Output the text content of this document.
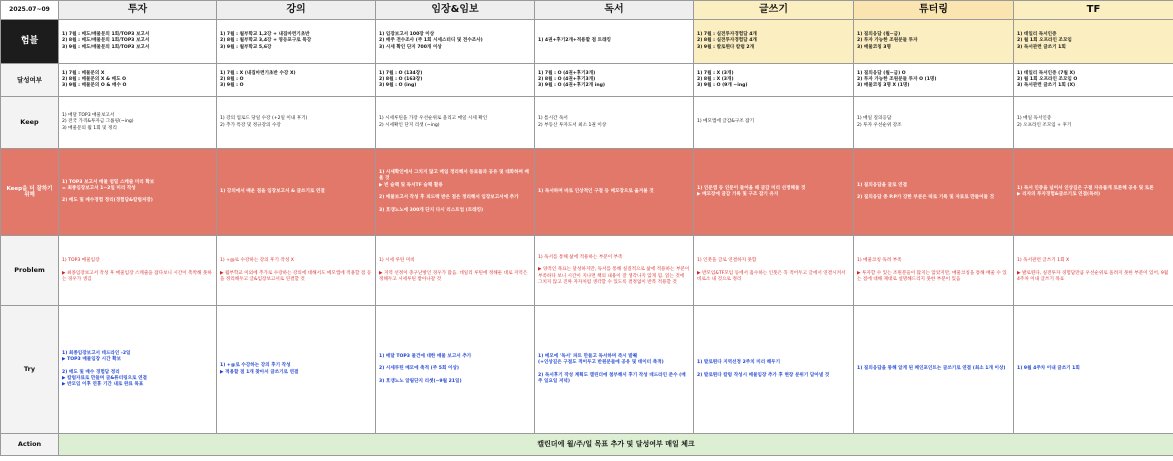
2025.07~09	투자	강의	임장&임보	독서	글쓰기	튜터링	TF
험블	1) 7월 : 매도/매물문의 1회/TOP3 보고서
2) 8월 : 매도/매물문의 1회/TOP3 보고서
3) 9월 : 매도/매물문의 1회/TOP3 보고서	1) 7월 : 월부학교 1,2강 + 내집마련기초반
2) 8월 : 월부학교 3,4강 + 영등포구로 특강
3) 9월 : 월부학교 5,6강	1) 임장보고서 100장 이상
2) 매주 전수조사 (주 1회 시세스터디 및 전수조사)
3) 시세 확인 단지 700개 이상	1) 4권+후기2개+적용할 점 트래킹	1) 7월 : 실전투자경험담 4개
2) 8월 : 실전투자경험담 4개
3) 9월 : 발로뛴다 칼럼 2개	1) 질의응답 (월~금)
2) 투자 가능한 조원분들 투자
3) 매물코칭 3명	1) 데일리 독서인증
2) 월 1회 오프라인 조모임
3) 독서관련 글쓰기 1회

달성여부	1) 7월 : 매물문의 X
2) 8월 : 매물문의 X & 매도 O
3) 9월 : 매물문의 O & 매수 O	1) 7월 : X (내집마련기초반 수강 X)
2) 8월 : O
3) 9월 : O	1) 7월 : O (134장)
2) 8월 : O (163장)
3) 9월 : O (ing)	1) 7월 : O (4권+후기3개)
2) 8월 : O (4권+후기3개)
3) 9월 : O (4권+후기2개 ing)	1) 7월 : X (3개)
2) 8월 : X (3개)
3) 9월 : O (9개 ~ing)	1) 질의응답 (월~금) O
2) 투자 가능한 조원분들 투자 O (1명)
3) 매물코칭 3명 X (1명)	1) 데일리 독서인증 (7월 X)
2) 월 1회 오프라인 조모임 O
3) 독서관련 글쓰기 1회 (X)

Keep	1) 매달 TOP3 매물보고서
2) 전국 가격&투자금 그룹핑(~ing)
3) 매물문의 월 1회 및 정리	1) 강의 업로드 당일 수강 (+2일 이내 후기)
2) 추가 특강 및 정규강의 수강	1) 시세루틴을 가장 우선순위로 올리고 매일 시세 확인
2) 시세확인 단지 리셋 (~ing)	1) 틈시간 독서
2) 부동산 투자도서 최소 1권 이상	1) 메모앱에 글감&구조 잡기	1) 매일 질의응답
2) 투자 우선순위 강조	1) 매일 독서인증
2) 오프라인 조모임 + 후기

Keep을 더 잘하기 위해	1) TOP3 보고서 매물 엄밀 스케줄 미리 확보
= 최종임장보고서 1~2일 미리 작성

2) 매도 및 매수경험 정리(경험담&칼럼저장)	1) 강의에서 배운 점을 임장보고서 & 글쓰기로 연결	1) 시세확인에서 그치지 않고 매일 정리해서 동료들과 공유 및 대화하며 배울 것
▶ 빈 슬랙 및 독서TF 슬랙 활용

2) 매물보고서 작성 후 피드백 받은 점은 정리해서 임장보고서에 추가

3) 호갱노노에 300개 단지 다시 리스트업 (트래킹)	1) 독서하며 바로 인상적인 구절 등 메모장으로 옮겨볼 것	1) 인문앱 등 인문이 들어올 때 글감 미리 선정해둘 것
▶ 메모장에 글감 기록 및 구조 잡기 유지	1) 질의응답을 글로 연결

2) 질의응답 중 P.P가 강한 부분은 따로 기록 및 자료로 만들어둘 것	1) 독서 인증을 넘어서 인상깊은 구절 자유롭게 토론해 공유 및 토론
▶ 리자의 투자경험&글쓰기로 연결(독려)

Problem	1) TOP3 매물임장

▶ 최종임장보고서 작성 후 매물임장 스케줄을 잡다보니 시간이 촉박해 못하는 경우가 생김	1) +@로 수강하는 강의 후기 작성 X

▶ 월부학교 이외에 추가로 수강하는 강의에 대해서도 메모앱에 적용할 점 등을 정리해두고 글&임장보고서로 연결할 것	1) 시세 루틴 미비

▶ 지역 선정이 충구난방인 경우가 많음. 데일리 루틴에 정해둔 대로 지역은 정해두고 시세루틴 쌓아나갈 것	1) 독서를 통해 삶에 적용하는 부분이 부족

▶ 양적인 목표는 달성하지만, 독서를 통해 실질적으로 삶에 적용하는 부분이 부족하다 보니 시간이 지나면 책의 내용이 잘 생각나지 않게 됨. 읽는 것에 그치지 않고 진짜 자자처럼 생각할 수 있도록 결정없이 반복 적용할 것	1) 인풋을 글로 연결하지 못함

▶ 반모임&TF모임 등에서 흡수하는 인풋은 꼭 적어두고 글에서 연결시켜서 비로소 내 것으로 정리	1) 매물코칭 독려 부족

▶ 투자할 수 있는 조원분들이 많지는 않았지만, 매물코칭을 통해 배울 수 있는 점에 대해 제대로 설명해드리지 못한 부분이 있음	1) 독서관련 글쓰기 1회 X

▶ 발로뛴다, 실전투자 경험담만큼 우선순위로 올려지 못한 부분이 있어, 9월 4주차 이내 글쓰기 목표

Try	1) 최종임장보고서 데드라인 -2일
▶ TOP3 매물임장 시간 확보

2) 매도 및 매수 경험담 정리
▶ 칼럼자료로 만들며 글&튜터링으로 연결
▶ 반모임 이후 연휴 기간 내로 완료 목표	1) +@로 수강하는 강의 후기 작성
▶ 적용할 점 1개 찾아서 글쓰기로 연결	1) 매달 TOP3 물건에 대한 매물 보고서 추가

2) 시세루틴 메모에 축적 (주 5회 이상)

3) 호갱노노 알림단지 리셋(~9월 21일)	1) 메모에 '독서' 파트 만들고 독서하며 즉시 발췌
(+인상깊은 구절도 적어두고 반원분들에 공유 및 데이터 축적)

2) 독서후기 작성 계획도 캘린더에 첨부해서 후기 작성 데드라인 준수 (매주 일요일 저녁)	1) 발로뛴다 지역선정 2주치 미리 해두기

2) 발로뛴다 칼럼 작성시 매물임장 추가 후 현장 분위기 담아낼 것	1) 질의응답을 통해 알게 된 페인포인트는 글쓰기로 연결 (최소 1개 이상)	1) 9월 4주차 이내 글쓰기 1회

Action	캘린더에 월/주/일 목표 추가 및 달성여부 매일 체크						
